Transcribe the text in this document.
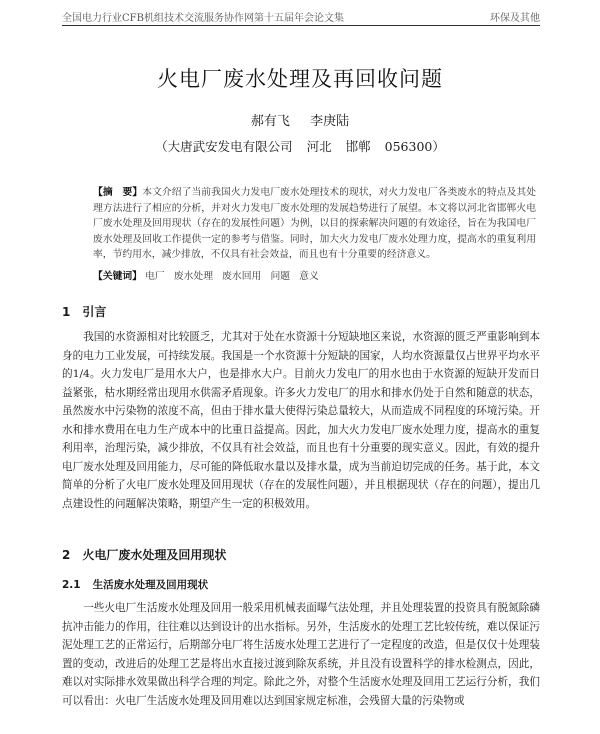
全国电力行业CFB机组技术交流服务协作网第十五届年会论文集	环保及其他
火电厂废水处理及再回收问题
郝有飞 李庚陆
（大唐武安发电有限公司 河北 邯郸 056300）
【摘　要】本文介绍了当前我国火力发电厂废水处理技术的现状，对火力发电厂各类废水的特点及其处理方法进行了相应的分析，并对火力发电厂废水处理的发展趋势进行了展望。本文将以河北省邯郸火电厂废水处理及回用现状（存在的发展性问题）为例，以目的探索解决问题的有效途径，旨在为我国电厂废水处理及回收工作提供一定的参考与借鉴。同时，加大火力发电厂废水处理力度，提高水的重复利用率，节约用水，减少排放，不仅具有社会效益，而且也有十分重要的经济意义。
【关键词】 电厂 废水处理 废水回用 问题 意义
1 引言

我国的水资源相对比较匮乏，尤其对于处在水资源十分短缺地区来说，水资源的匮乏严重影响到本身的电力工业发展，可持续发展。我国是一个水资源十分短缺的国家，人均水资源量仅占世界平均水平的1/4。火力发电厂是用水大户，也是排水大户。目前火力发电厂的用水也由于水资源的短缺开发而日益紧张，枯水期经常出现用水供需矛盾现象。许多火力发电厂的用水和排水仍处于自然和随意的状态，虽然废水中污染物的浓度不高，但由于排水量大使得污染总量较大，从而造成不同程度的环境污染。开水和排水费用在电力生产成本中的比重日益提高。因此，加大火力发电厂废水处理力度，提高水的重复利用率，治理污染，减少排放，不仅具有社会效益，而且也有十分重要的现实意义。因此，有效的提升电厂废水处理及回用能力，尽可能的降低取水量以及排水量，成为当前迫切完成的任务。基于此，本文简单的分析了火电厂废水处理及回用现状（存在的发展性问题），并且根据现状（存在的问题），提出几点建设性的问题解决策略，期望产生一定的积极效用。

2 火电厂废水处理及回用现状
2.1 生活废水处理及回用现状

一些火电厂生活废水处理及回用一般采用机械表面曝气法处理，并且处理装置的投资具有脱氮除磷抗冲击能力的作用，往往难以达到设计的出水指标。另外，生活废水的处理工艺比较传统，难以保证污泥处理工艺的正常运行，后期部分电厂将生活废水处理工艺进行了一定程度的改造，但是仅仅十处理装置的变动，改进后的处理工艺是将出水直接过渡到除灰系统，并且没有设置科学的排水检测点，因此，难以对实际排水效果做出科学合理的判定。除此之外，对整个生活废水处理及回用工艺运行分析，我们可以看出：火电厂生活废水处理及回用难以达到国家规定标准，会残留大量的污染物或
